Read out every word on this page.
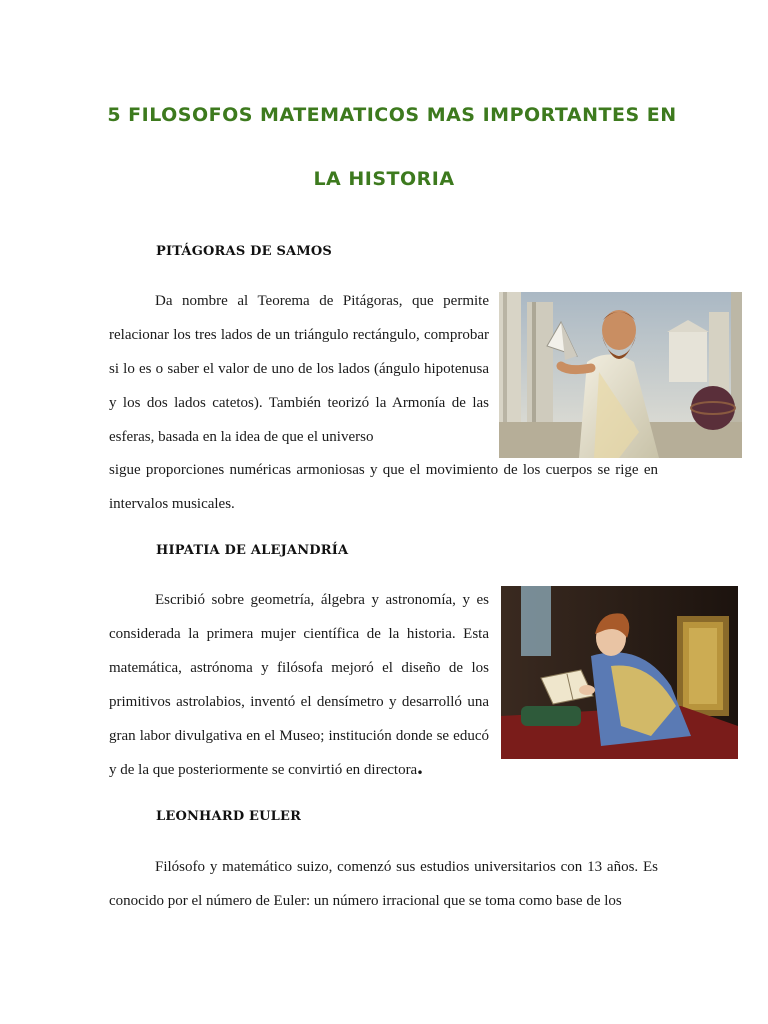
5 FILOSOFOS MATEMATICOS MAS IMPORTANTES EN
LA HISTORIA
PITÁGORAS DE SAMOS
Da nombre al Teorema de Pitágoras, que permite relacionar los tres lados de un triángulo rectángulo, comprobar si lo es o saber el valor de uno de los lados (ángulo hipotenusa y los dos lados catetos). También teorizó la Armonía de las esferas, basada en la idea de que el universo
sigue proporciones numéricas armoniosas y que el movimiento de los cuerpos se rige en intervalos musicales.
HIPATIA DE ALEJANDRÍA
Escribió sobre geometría, álgebra y astronomía, y es considerada la primera mujer científica de la historia. Esta matemática, astrónoma y filósofa mejoró el diseño de los primitivos astrolabios, inventó el densímetro y desarrolló una gran labor divulgativa en el Museo; institución donde se educó y de la que posteriormente se convirtió en directora.
LEONHARD EULER
Filósofo y matemático suizo, comenzó sus estudios universitarios con 13 años. Es conocido por el número de Euler: un número irracional que se toma como base de los
